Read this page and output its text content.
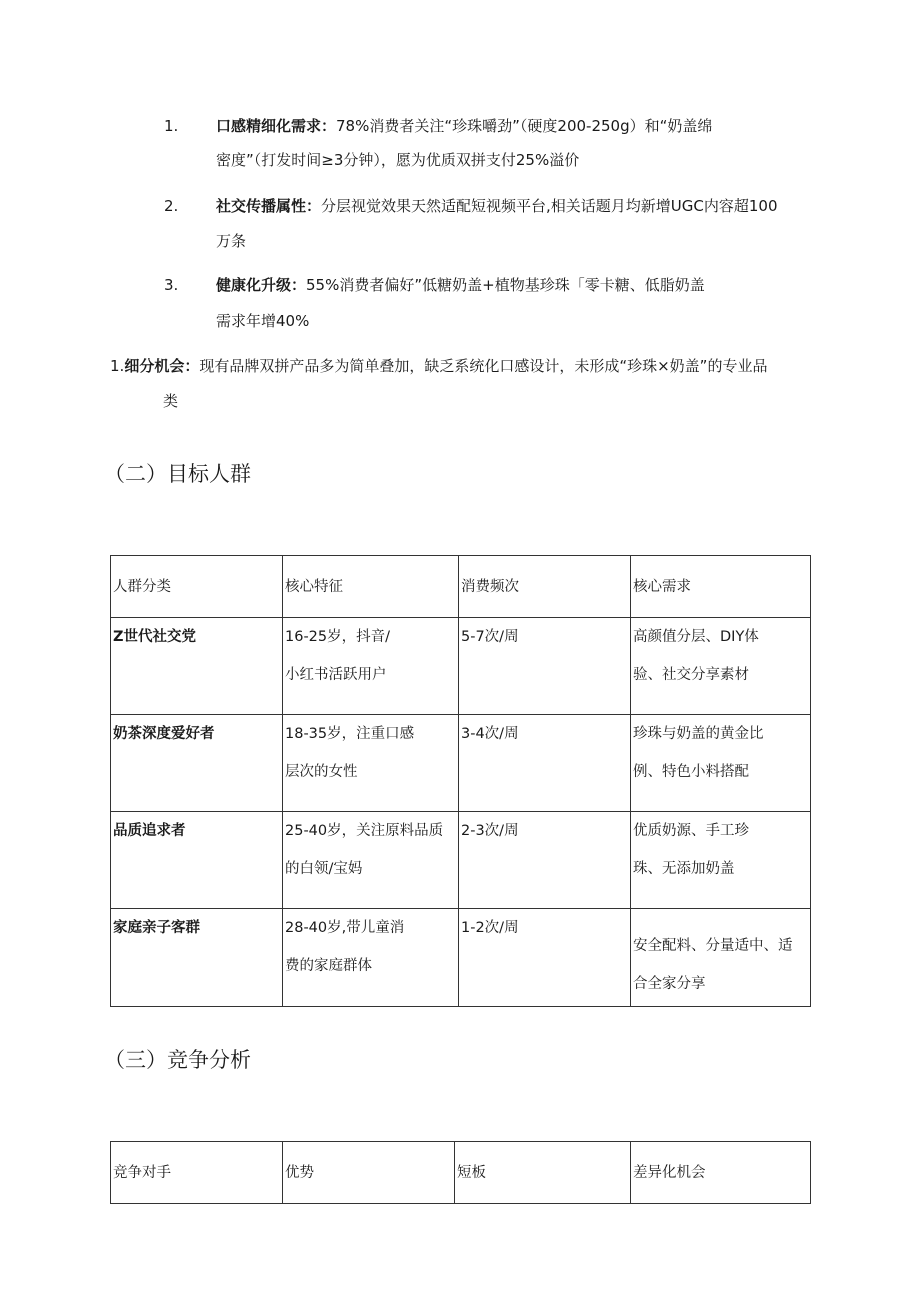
1.	口感精细化需求：78%消费者关注“珍珠嚼劲”（硬度200-250g）和“奶盖绵
密度”（打发时间≥3分钟），愿为优质双拼支付25%溢价
2.	社交传播属性：分层视觉效果天然适配短视频平台,相关话题月均新增UGC内容超100
万条
3.	健康化升级：55%消费者偏好”低糖奶盖+植物基珍珠「零卡糖、低脂奶盖
需求年增40%
1.细分机会：现有品牌双拼产品多为简单叠加，缺乏系统化口感设计，未形成“珍珠×奶盖”的专业品
类
（二）目标人群
人群分类	核心特征	消费频次	核心需求
Z世代社交党	16-25岁，抖音/
小红书活跃用户	5-7次/周	高颜值分层、DIY体
验、社交分享素材

奶茶深度爱好者	18-35岁，注重口感
层次的女性	3-4次/周	珍珠与奶盖的黄金比
例、特色小料搭配

品质追求者	25-40岁，关注原料品质
的白领/宝妈	2-3次/周	优质奶源、手工珍
珠、无添加奶盖

家庭亲子客群	28-40岁,带儿童消
费的家庭群体	1-2次/周	安全配料、分量适中、适
合全家分享
（三）竞争分析
竞争对手	优势	短板	差异化机会
